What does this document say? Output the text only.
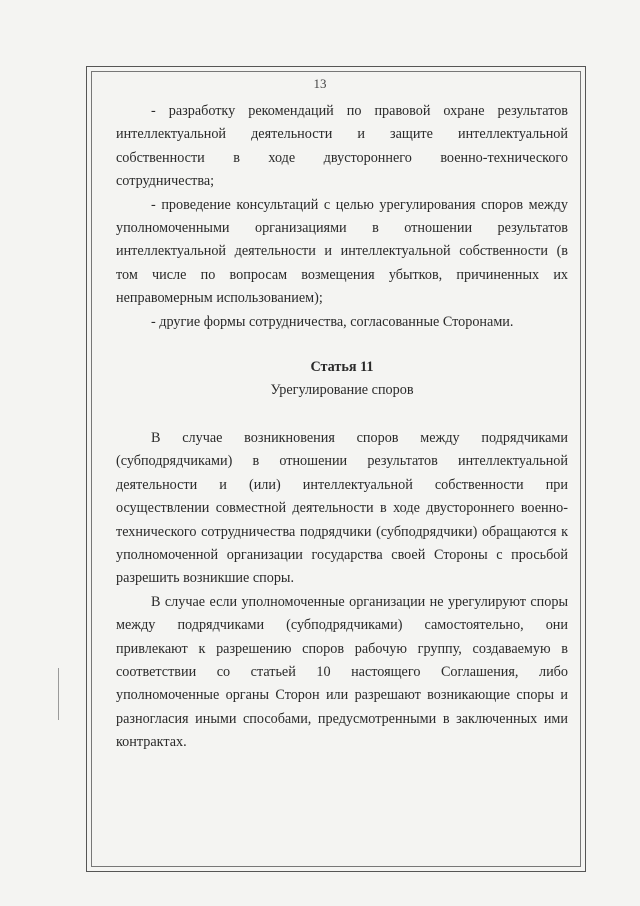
13

- разработку рекомендаций по правовой охране результатов интеллектуальной деятельности и защите интеллектуальной собственности в ходе двустороннего военно-технического сотрудничества;

- проведение консультаций с целью урегулирования споров между уполномоченными организациями в отношении результатов интеллектуальной деятельности и интеллектуальной собственности (в том числе по вопросам возмещения убытков, причиненных их неправомерным использованием);

- другие формы сотрудничества, согласованные Сторонами.

Статья 11

Урегулирование споров

В случае возникновения споров между подрядчиками (субподрядчиками) в отношении результатов интеллектуальной деятельности и (или) интеллектуальной собственности при осуществлении совместной деятельности в ходе двустороннего военно-технического сотрудничества подрядчики (субподрядчики) обращаются к уполномоченной организации государства своей Стороны с просьбой разрешить возникшие споры.

В случае если уполномоченные организации не урегулируют споры между подрядчиками (субподрядчиками) самостоятельно, они привлекают к разрешению споров рабочую группу, создаваемую в соответствии со статьей 10 настоящего Соглашения, либо уполномоченные органы Сторон или разрешают возникающие споры и разногласия иными способами, предусмотренными в заключенных ими контрактах.
